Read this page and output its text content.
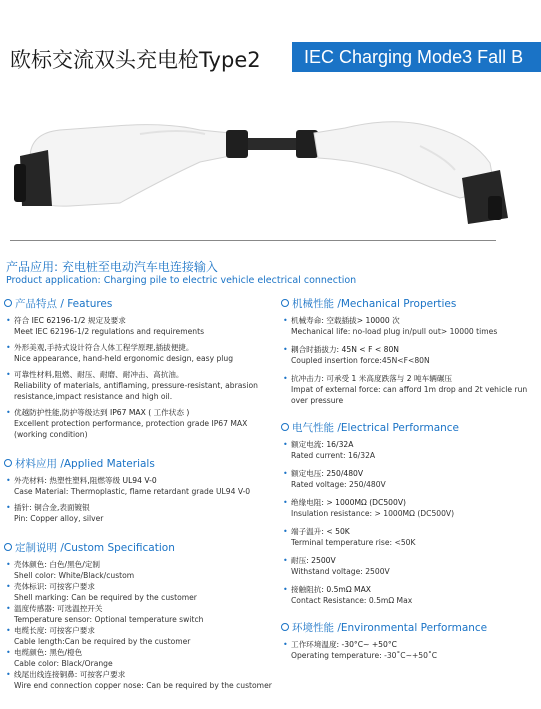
欧标交流双头充电枪Type2	IEC Charging Mode3 Fall B
产品应用: 充电桩至电动汽车电连接输入
Product application: Charging pile to electric vehicle electrical connection
产品特点 / Features
• 符合 IEC 62196-1/2 规定及要求
Meet IEC 62196-1/2 regulations and requirements
• 外形美观,手持式设计符合人体工程学原理,插拔便捷。
Nice appearance, hand-held ergonomic design, easy plug
• 可靠性材料,阻燃、耐压、耐磨、耐冲击、高抗油。
Reliability of materials, antiflaming, pressure-resistant, abrasion resistance,impact resistance and high oil.
• 优越防护性能,防护等级达到 IP67 MAX ( 工作状态 )
Excellent protection performance, protection grade IP67 MAX (working condition)
材料应用 /Applied Materials
• 外壳材料: 热塑性塑料,阻燃等级 UL94 V-0
Case Material: Thermoplastic, flame retardant grade UL94 V-0
• 插针: 铜合金,表面镀银
Pin: Copper alloy, silver
定制说明 /Custom Specification
• 壳体颜色: 白色/黑色/定制
Shell color: White/Black/custom
• 壳体标识: 可按客户要求
Shell marking: Can be required by the customer
• 温度传感器: 可选温控开关
Temperature sensor: Optional temperature switch
• 电缆长度: 可按客户要求
Cable length:Can be required by the customer
• 电缆颜色: 黑色/橙色
Cable color: Black/Orange
• 线尾出线连接铜鼻: 可按客户要求
Wire end connection copper nose: Can be required by the customer
机械性能 /Mechanical Properties
• 机械寿命: 空载插拔> 10000 次
Mechanical life: no-load plug in/pull out> 10000 times
• 耦合时插拔力: 45N < F < 80N
Coupled insertion force:45N<F<80N
• 抗冲击力: 可承受 1 米高度跌落与 2 吨车辆碾压
Impat of external force: can afford 1m drop and 2t vehicle run over pressure
电气性能 /Electrical Performance
• 额定电流: 16/32A
Rated current: 16/32A
• 额定电压: 250/480V
Rated voltage: 250/480V
• 绝缘电阻: > 1000MΩ (DC500V)
Insulation resistance: > 1000MΩ (DC500V)
• 端子温升: < 50K
Terminal temperature rise: <50K
• 耐压: 2500V
Withstand voltage: 2500V
• 接触阻抗: 0.5mΩ MAX
Contact Resistance: 0.5mΩ Max
环境性能 /Environmental Performance
• 工作环境温度: -30°C~ +50°C
Operating temperature: -30˚C~+50˚C
